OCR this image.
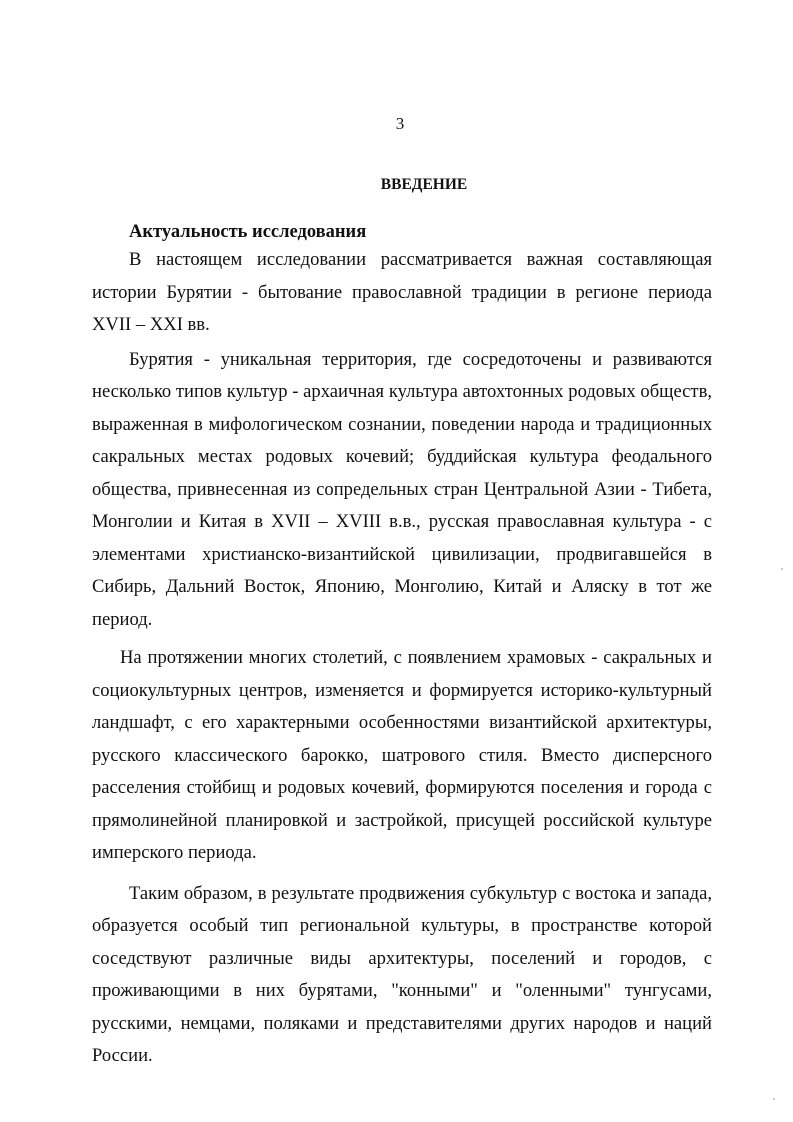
3
ВВЕДЕНИЕ

Актуальность исследования

В настоящем исследовании рассматривается важная составляющая истории Бурятии - бытование православной традиции в регионе периода XVII – XXI вв.

Бурятия - уникальная территория, где сосредоточены и развиваются несколько типов культур - архаичная культура автохтонных родовых обществ, выраженная в мифологическом сознании, поведении народа и традиционных сакральных местах родовых кочевий; буддийская культура феодального общества, привнесенная из сопредельных стран Центральной Азии - Тибета, Монголии и Китая в XVII – XVIII в.в., русская православная культура - с элементами христианско-византийской цивилизации, продвигавшейся в Сибирь, Дальний Восток, Японию, Монголию, Китай и Аляску в тот же период.

На протяжении многих столетий, с появлением храмовых - сакральных и социокультурных центров, изменяется и формируется историко-культурный ландшафт, с его характерными особенностями византийской архитектуры, русского классического барокко, шатрового стиля. Вместо дисперсного расселения стойбищ и родовых кочевий, формируются поселения и города с прямолинейной планировкой и застройкой, присущей российской культуре имперского периода.

Таким образом, в результате продвижения субкультур с востока и запада, образуется особый тип региональной культуры, в пространстве которой соседствуют различные виды архитектуры, поселений и городов, с проживающими в них бурятами, "конными" и "оленными" тунгусами, русскими, немцами, поляками и представителями других народов и наций России.
